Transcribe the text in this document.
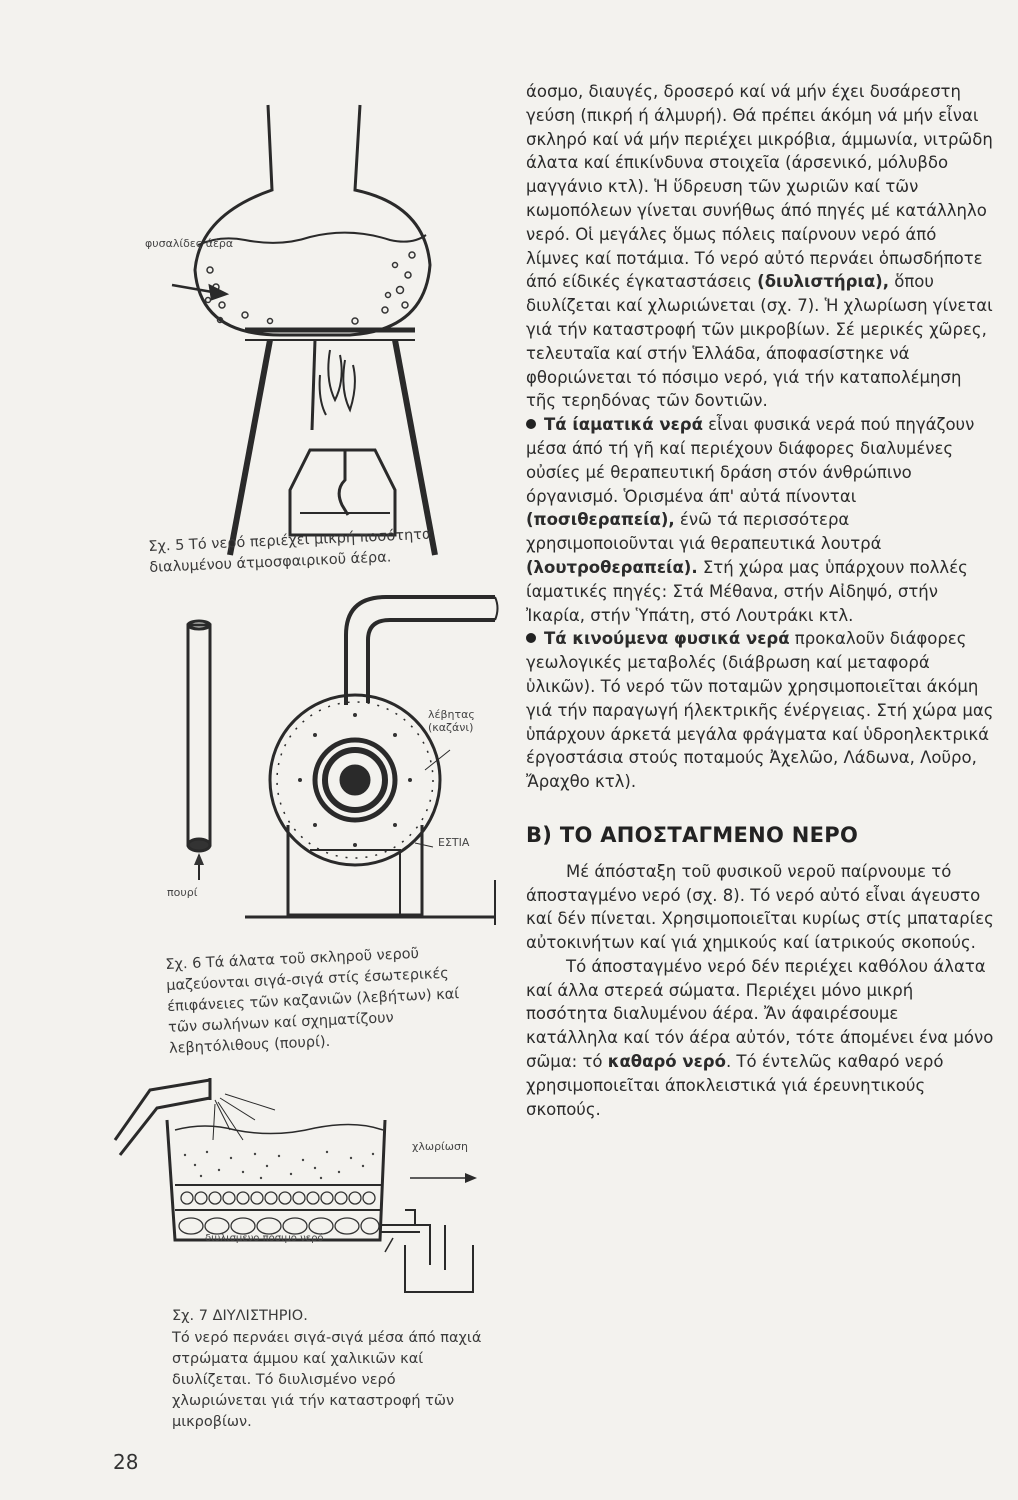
φυσαλίδες άέρα
Σχ. 5 Τό νερό περιέχει μικρή ποσότητα διαλυμένου άτμοσφαιρικοῦ άέρα.
λέβητας (καζάνι)
ΕΣΤΙΑ
πουρί
Σχ. 6 Τά άλατα τοῦ σκληροῦ νεροῦ μαζεύονται σιγά-σιγά στίς έσωτερικές έπιφάνειες τῶν καζανιῶν (λεβήτων) καί τῶν σωλήνων καί σχηματίζουν λεβητόλιθους (πουρί).
χλωρίωση
διυλισμένο πόσιμο νερό
Σχ. 7 ΔΙΥΛΙΣΤΗΡΙΟ.
Τό νερό περνάει σιγά-σιγά μέσα άπό παχιά στρώματα άμμου καί χαλικιῶν καί διυλίζεται. Τό διυλισμένο νερό χλωριώνεται γιά τήν καταστροφή τῶν μικροβίων.

άοσμο, διαυγές, δροσερό καί νά μήν έχει δυσάρεστη γεύση (πικρή ή άλμυρή). Θά πρέπει άκόμη νά μήν εἶναι σκληρό καί νά μήν περιέχει μικρόβια, άμμωνία, νιτρῶδη άλατα καί έπικίνδυνα στοιχεῖα (άρσενικό, μόλυβδο μαγγάνιο κτλ). Ἡ ὕδρευση τῶν χωριῶν καί τῶν κωμοπόλεων γίνεται συνήθως άπό πηγές μέ κατάλληλο νερό. Οἱ μεγάλες ὅμως πόλεις παίρνουν νερό άπό λίμνες καί ποτάμια. Τό νερό αὐτό περνάει ὁπωσδήποτε άπό είδικές έγκαταστάσεις (διυλιστήρια), ὅπου διυλίζεται καί χλωριώνεται (σχ. 7). Ἡ χλωρίωση γίνεται γιά τήν καταστροφή τῶν μικροβίων. Σέ μερικές χῶρες, τελευταῖα καί στήν Ἑλλάδα, άποφασίστηκε νά φθοριώνεται τό πόσιμο νερό, γιά τήν καταπολέμηση τῆς τερηδόνας τῶν δοντιῶν.

Τά ίαματικά νερά εἶναι φυσικά νερά πού πηγάζουν μέσα άπό τή γῆ καί περιέχουν διάφορες διαλυμένες οὐσίες μέ θεραπευτική δράση στόν άνθρώπινο όργανισμό. Ὁρισμένα άπ' αὐτά πίνονται (ποσιθεραπεία), ένῶ τά περισσότερα χρησιμοποιοῦνται γιά θεραπευτικά λουτρά (λουτροθεραπεία). Στή χώρα μας ὑπάρχουν πολλές ίαματικές πηγές: Στά Μέθανα, στήν Αἰδηψό, στήν Ἰκαρία, στήν Ὑπάτη, στό Λουτράκι κτλ.

Τά κινούμενα φυσικά νερά προκαλοῦν διάφορες γεωλογικές μεταβολές (διάβρωση καί μεταφορά ὑλικῶν). Τό νερό τῶν ποταμῶν χρησιμοποιεῖται άκόμη γιά τήν παραγωγή ήλεκτρικῆς ένέργειας. Στή χώρα μας ὑπάρχουν άρκετά μεγάλα φράγματα καί ὑδροηλεκτρικά έργοστάσια στούς ποταμούς Ἀχελῶο, Λάδωνα, Λοῦρο, Ἄραχθο κτλ).

Β) ΤΟ ΑΠΟΣΤΑΓΜΕΝΟ ΝΕΡΟ

Μέ άπόσταξη τοῦ φυσικοῦ νεροῦ παίρνουμε τό άποσταγμένο νερό (σχ. 8). Τό νερό αὐτό εἶναι άγευστο καί δέν πίνεται. Χρησιμοποιεῖται κυρίως στίς μπαταρίες αὐτοκινήτων καί γιά χημικούς καί ίατρικούς σκοπούς.

Τό άποσταγμένο νερό δέν περιέχει καθόλου άλατα καί άλλα στερεά σώματα. Περιέχει μόνο μικρή ποσότητα διαλυμένου άέρα. Ἄν άφαιρέσουμε κατάλληλα καί τόν άέρα αὐτόν, τότε άπομένει ένα μόνο σῶμα: τό καθαρό νερό. Τό έντελῶς καθαρό νερό χρησιμοποιεῖται άποκλειστικά γιά έρευνητικούς σκοπούς.

28
